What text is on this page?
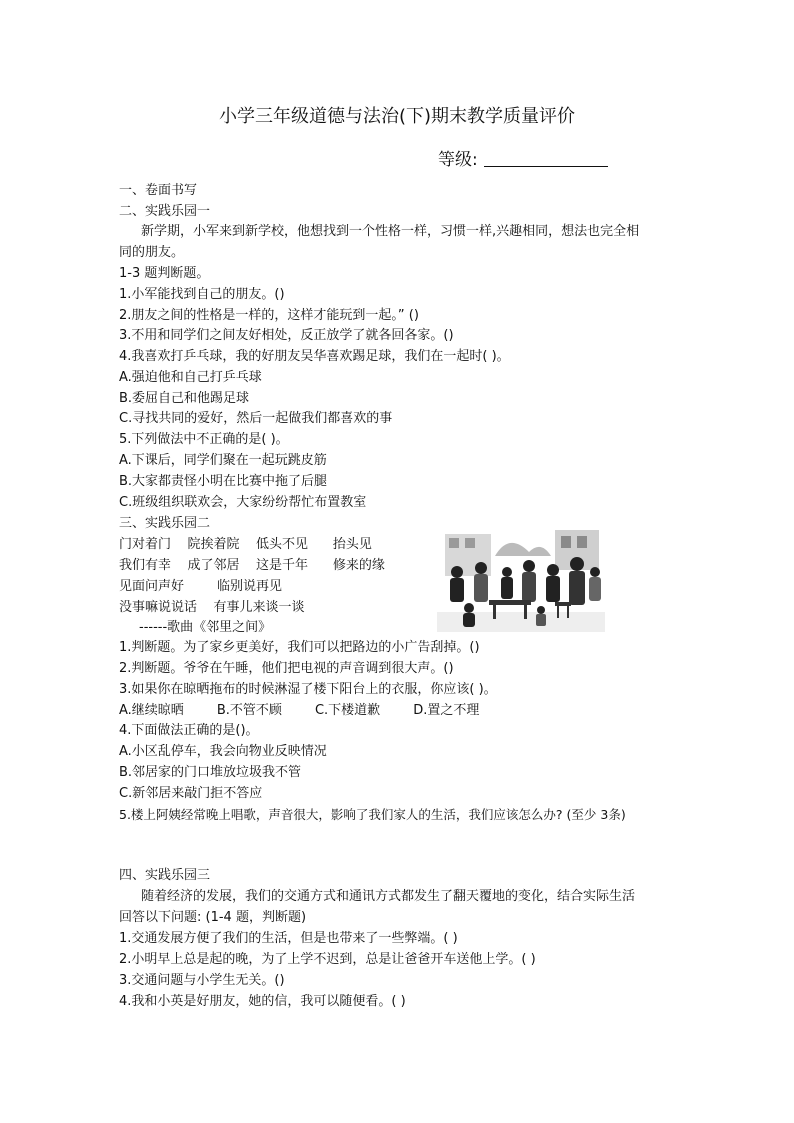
小学三年级道德与法治(下)期末教学质量评价
等级:
一、卷面书写
二、实践乐园一
新学期，小军来到新学校，他想找到一个性格一样，习惯一样,兴趣相同，想法也完全相
同的朋友。
1-3 题判断题。
1.小军能找到自己的朋友。()
2.朋友之间的性格是一样的，这样才能玩到一起。” ()
3.不用和同学们之间友好相处，反正放学了就各回各家。()
4.我喜欢打乒乓球，我的好朋友吴华喜欢踢足球，我们在一起时( )。
A.强迫他和自己打乒乓球
B.委屈自己和他踢足球
C.寻找共同的爱好，然后一起做我们都喜欢的事
5.下列做法中不正确的是( )。
A.下课后，同学们聚在一起玩跳皮筋
B.大家都责怪小明在比赛中拖了后腿
C.班级组织联欢会，大家纷纷帮忙布置教室
三、实践乐园二
门对着门    院挨着院    低头不见      抬头见
我们有幸    成了邻居    这是千年      修来的缘
见面问声好        临别说再见
没事嘛说说话    有事儿来谈一谈
------歌曲《邻里之间》
1.判断题。为了家乡更美好，我们可以把路边的小广告刮掉。()
2.判断题。爷爷在午睡，他们把电视的声音调到很大声。()
3.如果你在晾晒拖布的时候淋湿了楼下阳台上的衣服，你应该( )。
A.继续晾晒        B.不管不顾        C.下楼道歉        D.置之不理
4.下面做法正确的是()。
A.小区乱停车，我会向物业反映情况
B.邻居家的门口堆放垃圾我不管
C.新邻居来敲门拒不答应
5.楼上阿姨经常晚上唱歌，声音很大，影响了我们家人的生活，我们应该怎么办? (至少 3条)
四、实践乐园三
随着经济的发展，我们的交通方式和通讯方式都发生了翻天覆地的变化，结合实际生活
回答以下问题: (1-4 题，判断题)
1.交通发展方便了我们的生活，但是也带来了一些弊端。( )
2.小明早上总是起的晚，为了上学不迟到，总是让爸爸开车送他上学。( )
3.交通问题与小学生无关。()
4.我和小英是好朋友，她的信，我可以随便看。( )
